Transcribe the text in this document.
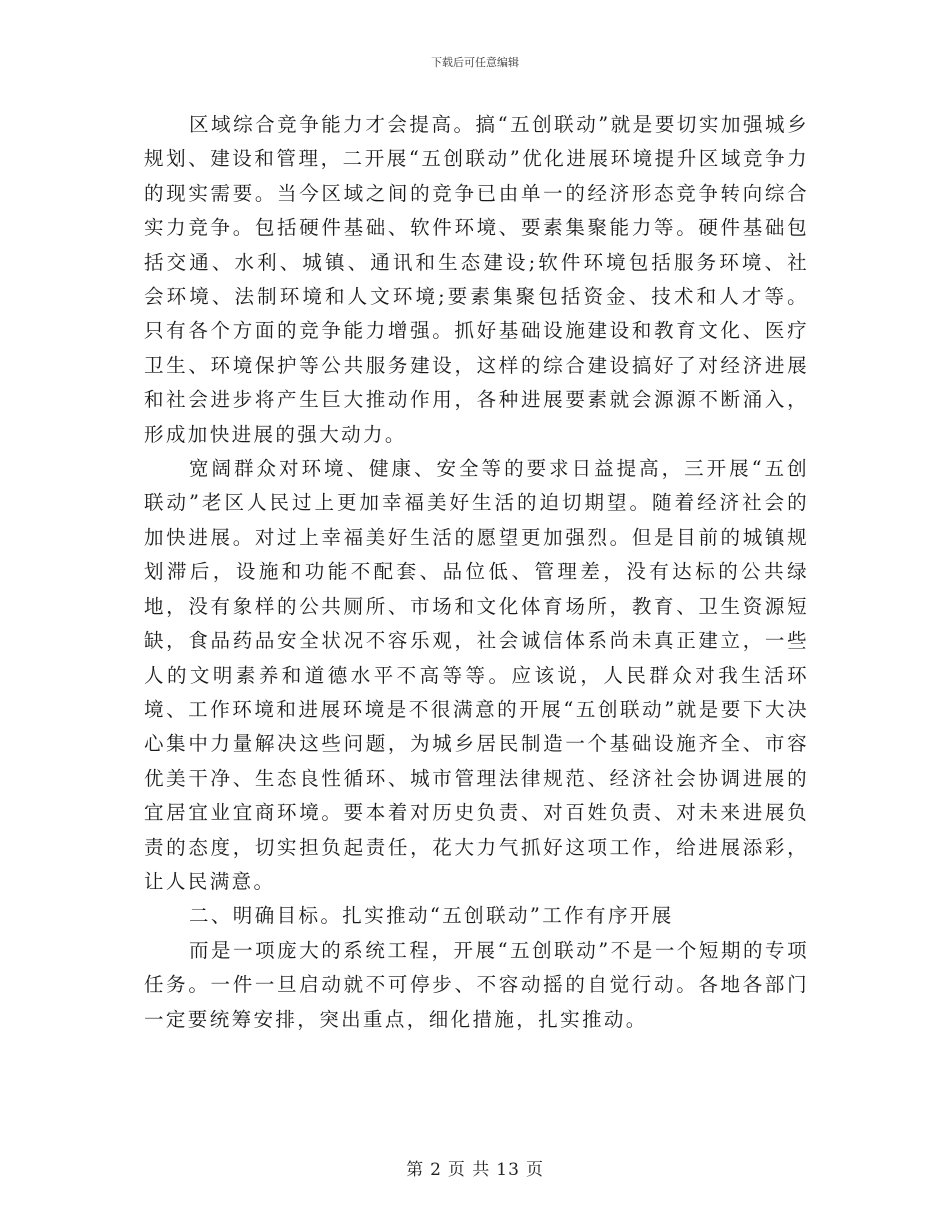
下载后可任意编辑

区域综合竞争能力才会提高。搞“五创联动”就是要切实加强城乡规划、建设和管理，二开展“五创联动”优化进展环境提升区域竞争力的现实需要。当今区域之间的竞争已由单一的经济形态竞争转向综合实力竞争。包括硬件基础、软件环境、要素集聚能力等。硬件基础包括交通、水利、城镇、通讯和生态建设;软件环境包括服务环境、社会环境、法制环境和人文环境;要素集聚包括资金、技术和人才等。只有各个方面的竞争能力增强。抓好基础设施建设和教育文化、医疗卫生、环境保护等公共服务建设，这样的综合建设搞好了对经济进展和社会进步将产生巨大推动作用，各种进展要素就会源源不断涌入，形成加快进展的强大动力。

宽阔群众对环境、健康、安全等的要求日益提高，三开展“五创联动”老区人民过上更加幸福美好生活的迫切期望。随着经济社会的加快进展。对过上幸福美好生活的愿望更加强烈。但是目前的城镇规划滞后，设施和功能不配套、品位低、管理差，没有达标的公共绿地，没有象样的公共厕所、市场和文化体育场所，教育、卫生资源短缺，食品药品安全状况不容乐观，社会诚信体系尚未真正建立，一些人的文明素养和道德水平不高等等。应该说，人民群众对我生活环境、工作环境和进展环境是不很满意的开展“五创联动”就是要下大决心集中力量解决这些问题，为城乡居民制造一个基础设施齐全、市容优美干净、生态良性循环、城市管理法律规范、经济社会协调进展的宜居宜业宜商环境。要本着对历史负责、对百姓负责、对未来进展负责的态度，切实担负起责任，花大力气抓好这项工作，给进展添彩，让人民满意。

二、明确目标。扎实推动“五创联动”工作有序开展

而是一项庞大的系统工程，开展“五创联动”不是一个短期的专项任务。一件一旦启动就不可停步、不容动摇的自觉行动。各地各部门一定要统筹安排，突出重点，细化措施，扎实推动。

第 2 页 共 13 页
